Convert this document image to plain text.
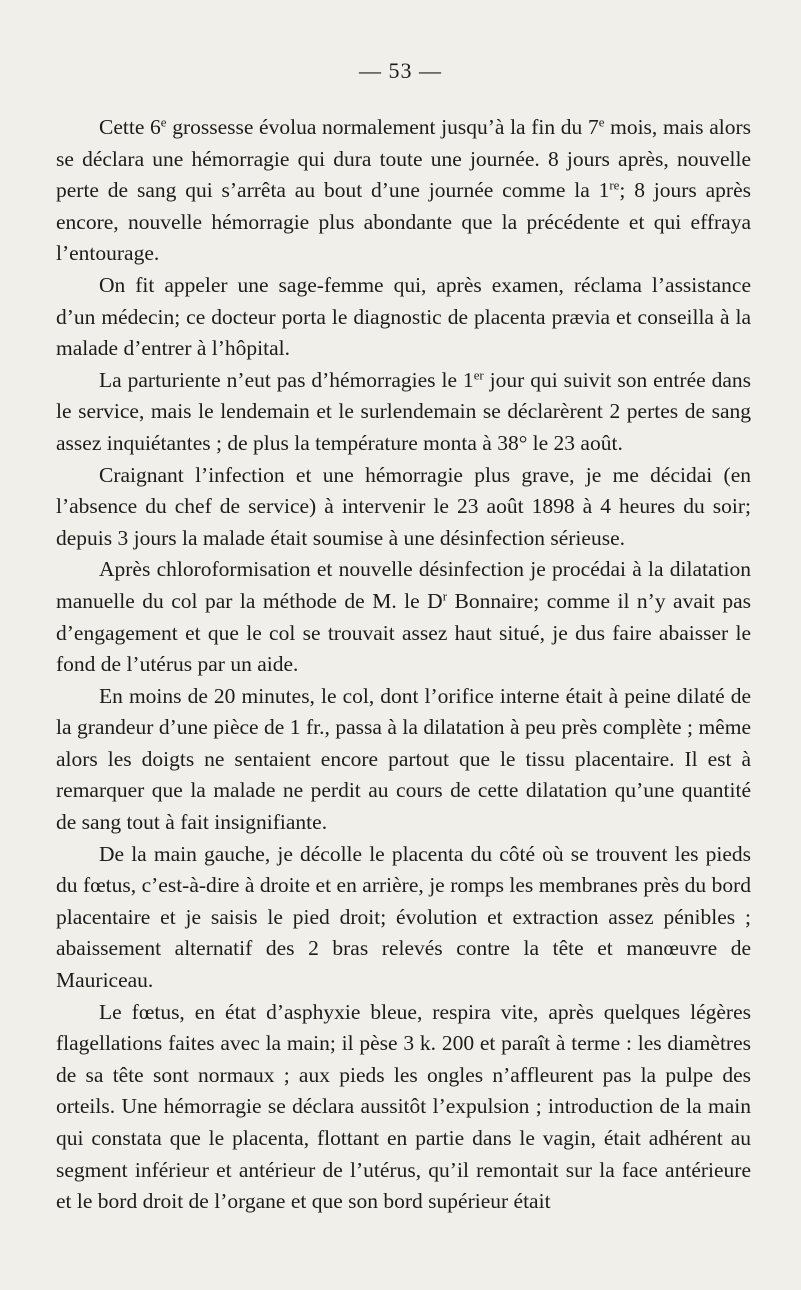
— 53 —

Cette 6e grossesse évolua normalement jusqu’à la fin du 7e mois, mais alors se déclara une hémorragie qui dura toute une journée. 8 jours après, nouvelle perte de sang qui s’arrêta au bout d’une journée comme la 1re; 8 jours après encore, nouvelle hémorragie plus abondante que la précédente et qui effraya l’entourage.

On fit appeler une sage-femme qui, après examen, réclama l’assistance d’un médecin; ce docteur porta le diagnostic de placenta prævia et conseilla à la malade d’entrer à l’hôpital.

La parturiente n’eut pas d’hémorragies le 1er jour qui suivit son entrée dans le service, mais le lendemain et le surlendemain se déclarèrent 2 pertes de sang assez inquiétantes ; de plus la température monta à 38° le 23 août.

Craignant l’infection et une hémorragie plus grave, je me décidai (en l’absence du chef de service) à intervenir le 23 août 1898 à 4 heures du soir; depuis 3 jours la malade était soumise à une désinfection sérieuse.

Après chloroformisation et nouvelle désinfection je procédai à la dilatation manuelle du col par la méthode de M. le $D^r$ Bonnaire; comme il n’y avait pas d’engagement et que le col se trouvait assez haut situé, je dus faire abaisser le fond de l’utérus par un aide.

En moins de 20 minutes, le col, dont l’orifice interne était à peine dilaté de la grandeur d’une pièce de 1 fr., passa à la dilatation à peu près complète ; même alors les doigts ne sentaient encore partout que le tissu placentaire. Il est à remarquer que la malade ne perdit au cours de cette dilatation qu’une quantité de sang tout à fait insignifiante.

De la main gauche, je décolle le placenta du côté où se trouvent les pieds du fœtus, c’est-à-dire à droite et en arrière, je romps les membranes près du bord placentaire et je saisis le pied droit; évolution et extraction assez pénibles ; abaissement alternatif des 2 bras relevés contre la tête et manœuvre de Mauriceau.

Le fœtus, en état d’asphyxie bleue, respira vite, après quelques légères flagellations faites avec la main; il pèse 3 k. 200 et paraît à terme : les diamètres de sa tête sont normaux ; aux pieds les ongles n’affleurent pas la pulpe des orteils. Une hémorragie se déclara aussitôt l’expulsion ; introduction de la main qui constata que le placenta, flottant en partie dans le vagin, était adhérent au segment inférieur et antérieur de l’utérus, qu’il remontait sur la face antérieure et le bord droit de l’organe et que son bord supérieur était
